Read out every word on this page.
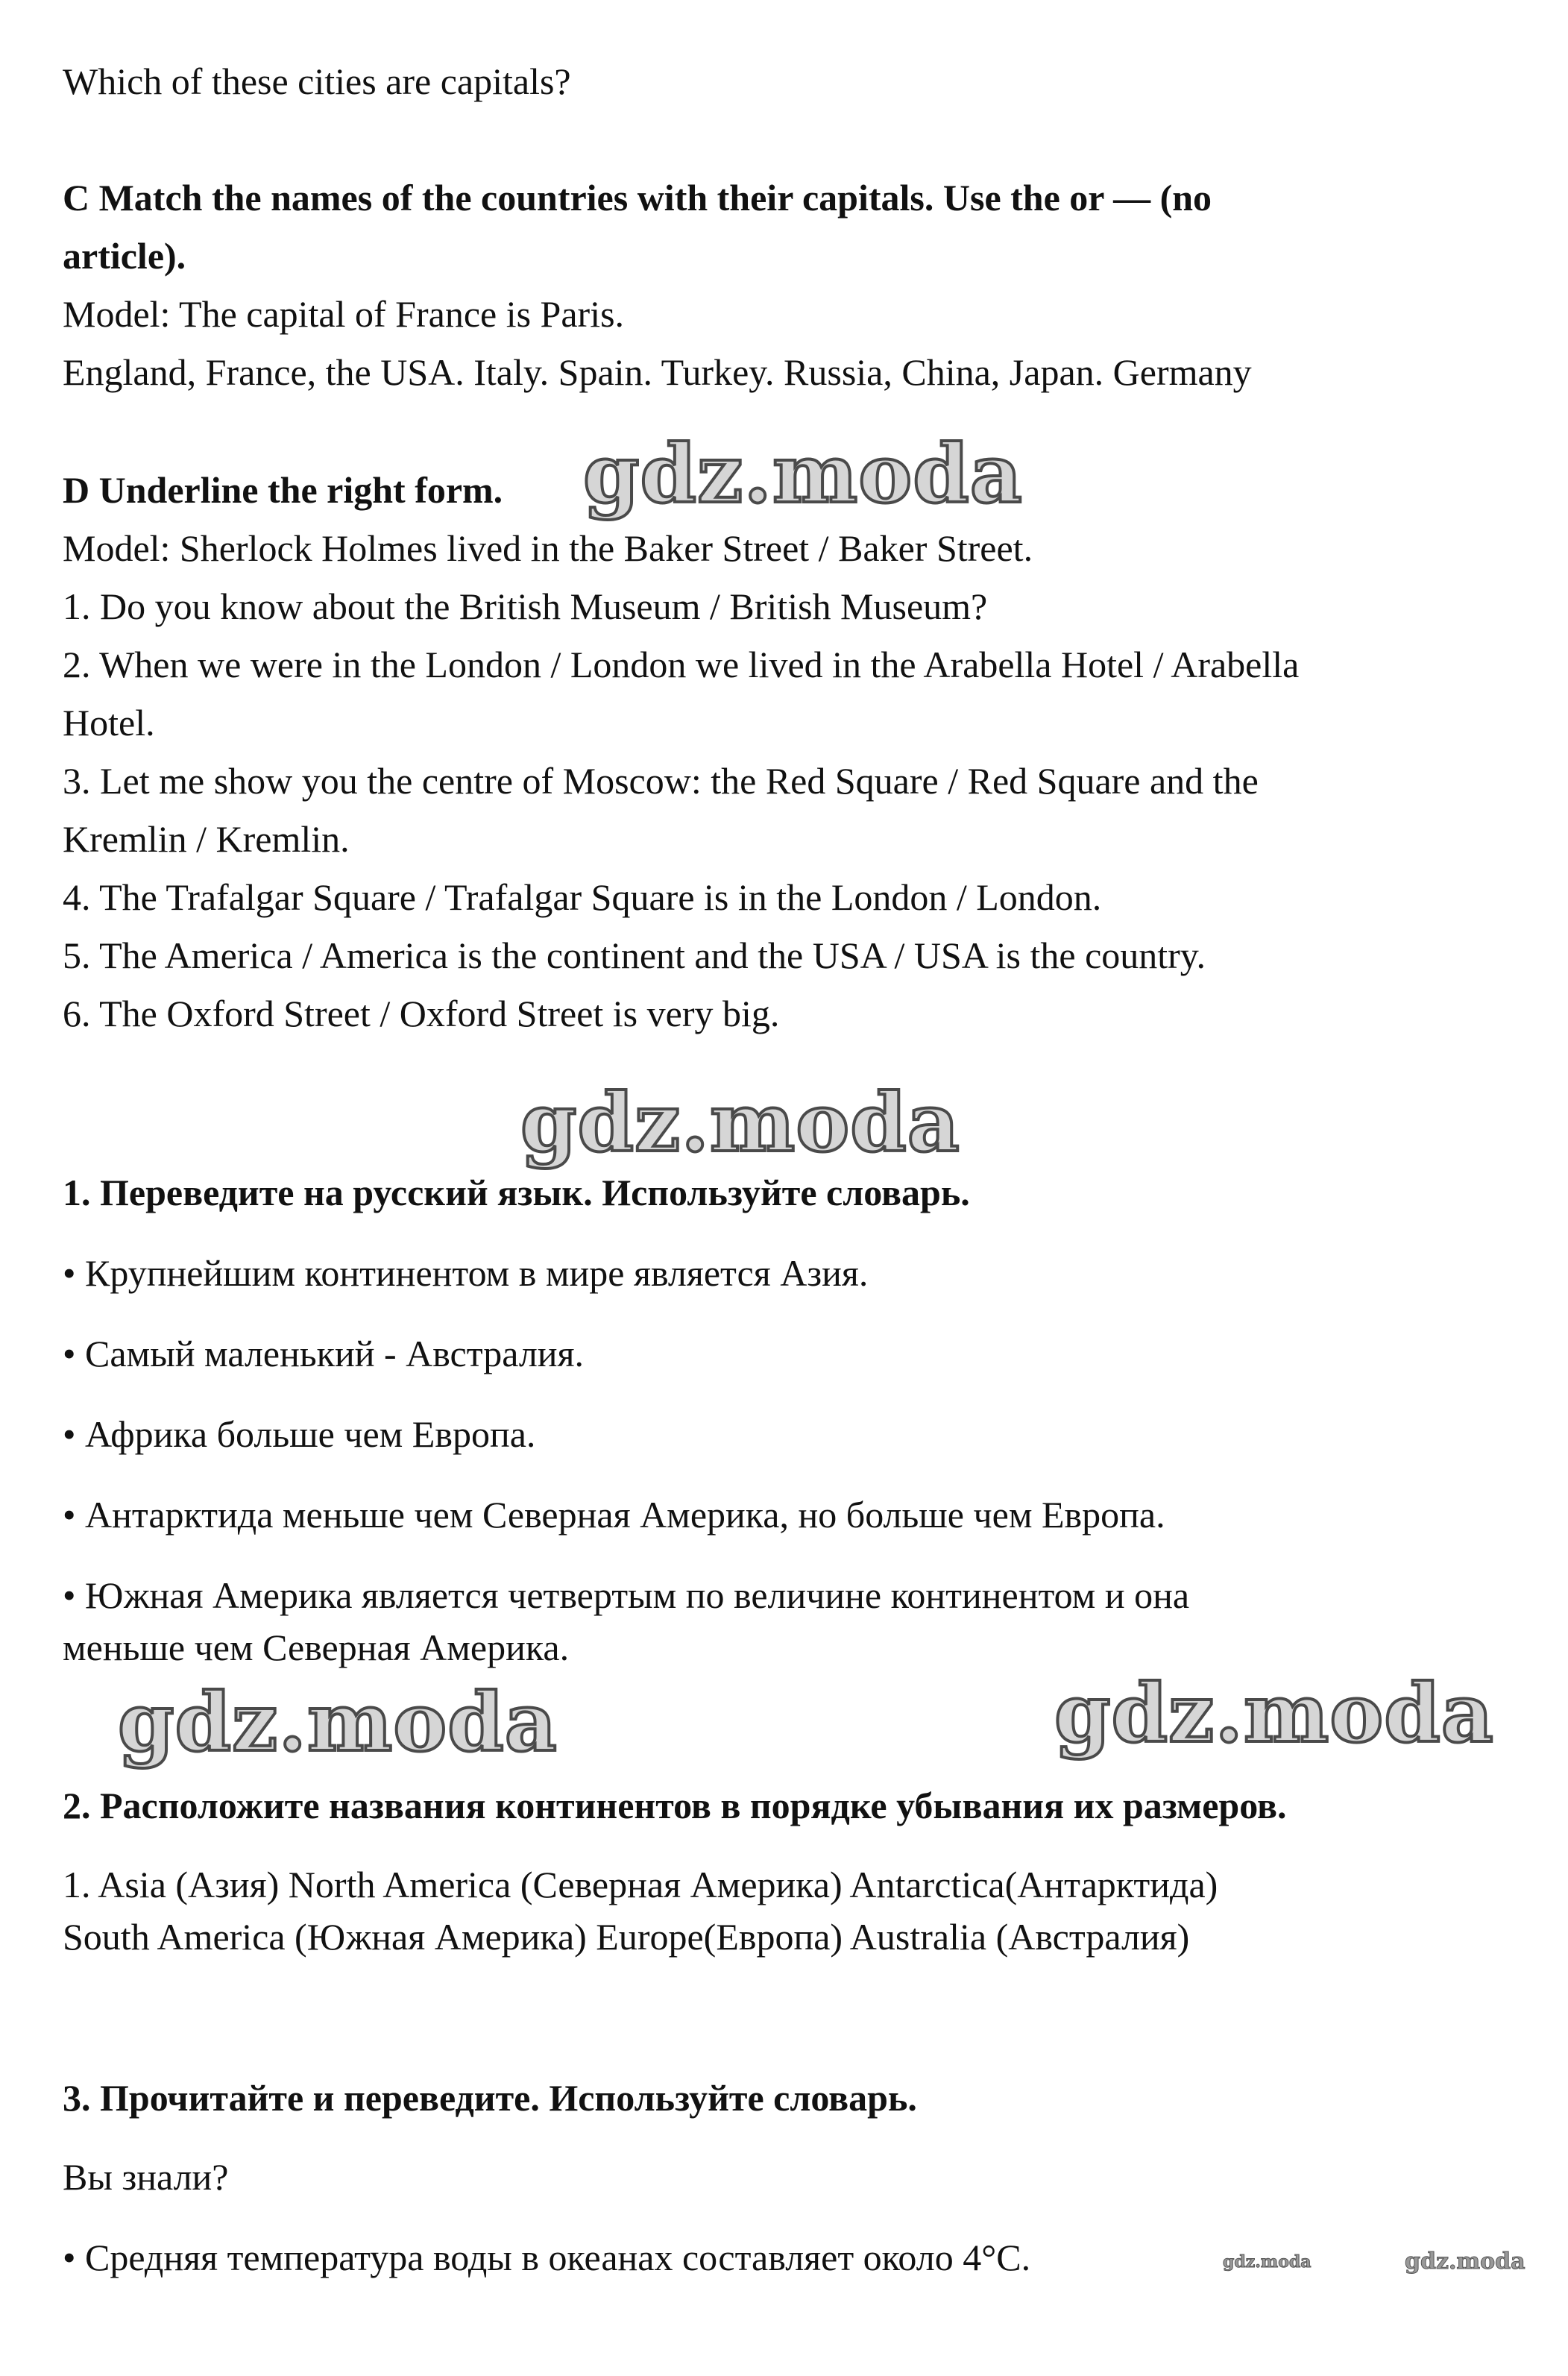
Which of these cities are capitals?
C Match the names of the countries with their capitals. Use the or — (no
article).
Model: The capital of France is Paris.
England, France, the USA. Italy. Spain. Turkey. Russia, China, Japan. Germany
D Underline the right form. gdz.moda
Model: Sherlock Holmes lived in the Baker Street / Baker Street.
1. Do you know about the British Museum / British Museum?
2. When we were in the London / London we lived in the Arabella Hotel / Arabella
Hotel.
3. Let me show you the centre of Moscow: the Red Square / Red Square and the
Kremlin / Kremlin.
4. The Trafalgar Square / Trafalgar Square is in the London / London.
5. The America / America is the continent and the USA / USA is the country.
6. The Oxford Street / Oxford Street is very big.
gdz.moda
1. Переведите на русский язык. Используйте словарь.
• Крупнейшим континентом в мире является Азия.
• Самый маленький - Австралия.
• Африка больше чем Европа.
• Антарктида меньше чем Северная Америка, но больше чем Европа.
• Южная Америка является четвертым по величине континентом и она
меньше чем Северная Америка.
gdz.moda	gdz.moda
2. Расположите названия континентов в порядке убывания их размеров.
1. Asia (Азия) North America (Северная Америка) Antarctica(Антарктида)
South America (Южная Америка) Europe(Европа) Australia (Австралия)
3. Прочитайте и переведите. Используйте словарь.
Вы знали?
• Средняя температура воды в океанах составляет около 4°С.	gdz.moda	gdz.moda
